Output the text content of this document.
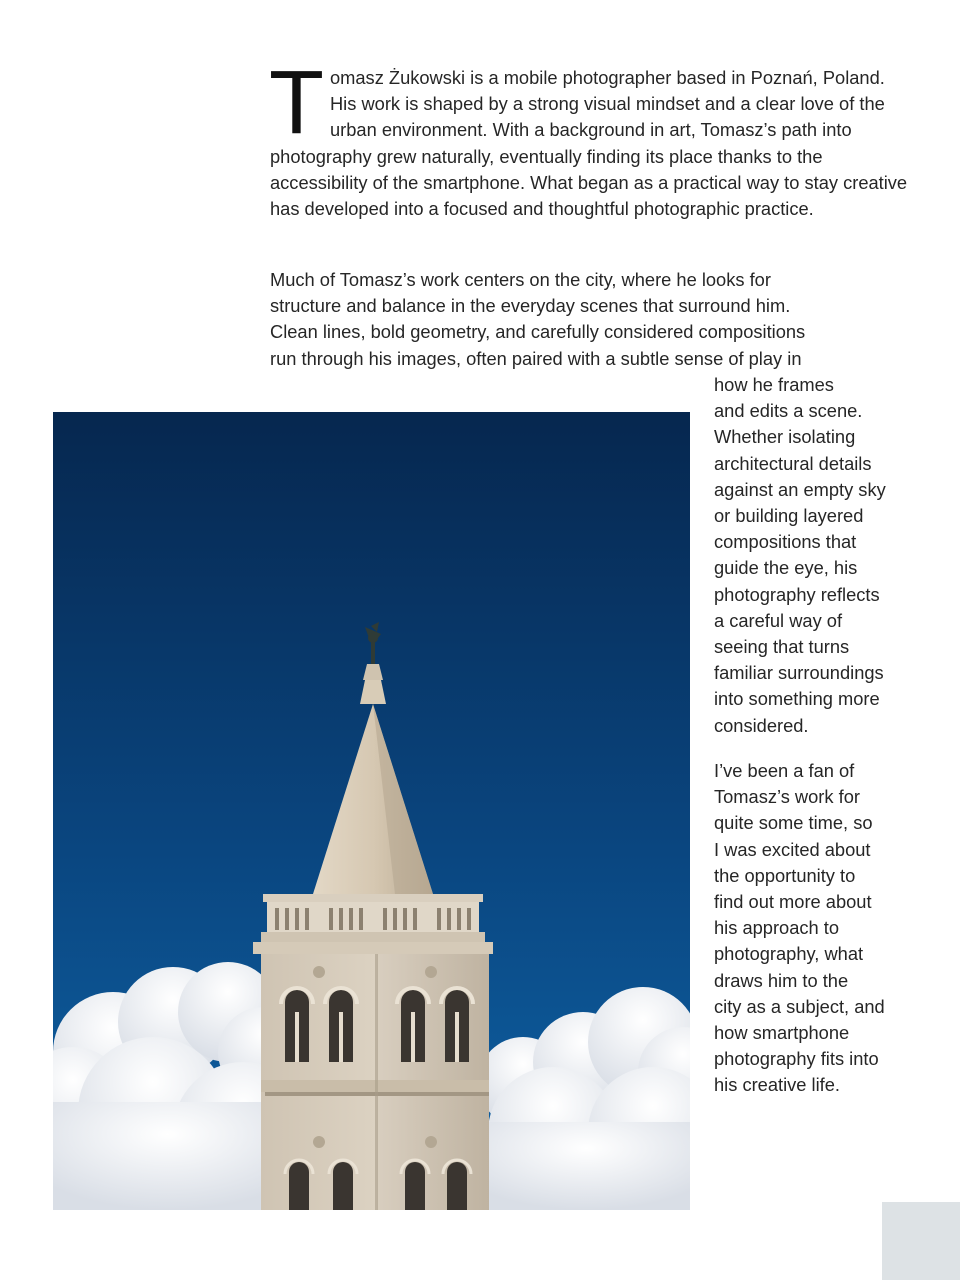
Tomasz Żukowski is a mobile photographer based in Poznań, Poland. His work is shaped by a strong visual mindset and a clear love of the urban environment. With a background in art, Tomasz’s path into photography grew naturally, eventually finding its place thanks to the accessibility of the smartphone. What began as a practical way to stay creative has developed into a focused and thoughtful photographic practice.

Much of Tomasz’s work centers on the city, where he looks for
structure and balance in the everyday scenes that surround him.
Clean lines, bold geometry, and carefully considered compositions
run through his images, often paired with a subtle sense of play in

how he frames
and edits a scene.
Whether isolating
architectural details
against an empty sky
or building layered
compositions that
guide the eye, his
photography reflects
a careful way of
seeing that turns
familiar surroundings
into something more
considered.

I’ve been a fan of
Tomasz’s work for
quite some time, so
I was excited about
the opportunity to
find out more about
his approach to
photography, what
draws him to the
city as a subject, and
how smartphone
photography fits into
his creative life.
